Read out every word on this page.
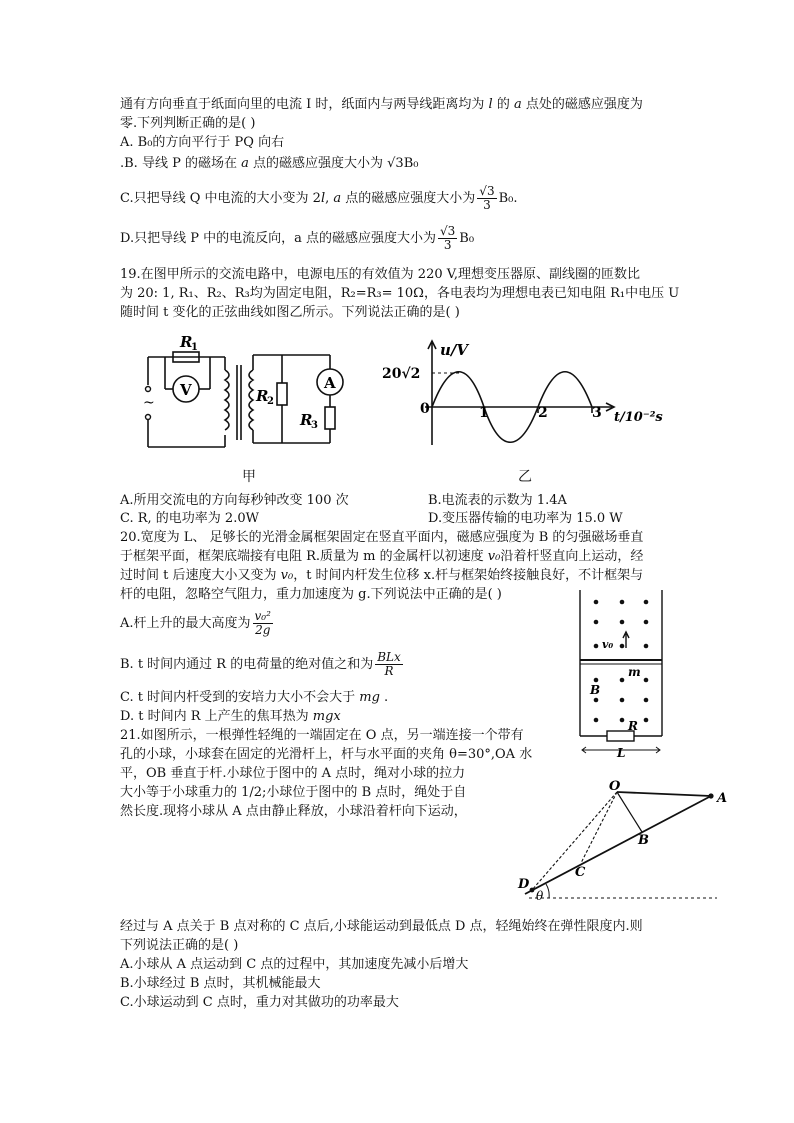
通有方向垂直于纸面向里的电流 I 时，纸面内与两导线距离均为 l 的 a 点处的磁感应强度为
零.下列判断正确的是( )
A. B₀的方向平行于 PQ 向右
.B. 导线 P 的磁场在 a 点的磁感应强度大小为 √3B₀
C.只把导线 Q 中电流的大小变为 2l, a 点的磁感应强度大小为 $\frac{√3}{3} B_0$.
D.只把导线 P 中的电流反向，a 点的磁感应强度大小为 $\frac{√3}{3} B_0$
19.在图甲所示的交流电路中，电源电压的有效值为 220 V,理想变压器原、副线圈的匝数比
为 20: 1, R₁、R₂、R₃均为固定电阻，R₂=R₃= 10Ω，各电表均为理想电表已知电阻 R₁中电压 U
随时间 t 变化的正弦曲线如图乙所示。下列说法正确的是( )
~
R
1
V	R
2
A
R
3
甲
u/V
20√2
0	1	2	3 t/10⁻²s
乙
A.所用交流电的方向每秒钟改变 100 次	B.电流表的示数为 1.4A
C. R, 的电功率为 2.0W	D.变压器传输的电功率为 15.0 W
20.宽度为 L、 足够长的光滑金属框架固定在竖直平面内，磁感应强度为 B 的匀强磁场垂直
于框架平面，框架底端接有电阻 R.质量为 m 的金属杆以初速度 v₀沿着杆竖直向上运动，经
过时间 t 后速度大小又变为 v₀，t 时间内杆发生位移 x.杆与框架始终接触良好，不计框架与
杆的电阻，忽略空气阻力，重力加速度为 g.下列说法中正确的是( )
A.杆上升的最大高度为 $\frac{\text{v₀²}}{2g}$
B. t 时间内通过 R 的电荷量的绝对值之和为 $\frac{\text{BLx}}{R}$
C. t 时间内杆受到的安培力大小不会大于 mg .
D. t 时间内 R 上产生的焦耳热为 mgx
v₀
m
B
R
L
21.如图所示，一根弹性轻绳的一端固定在 O 点，另一端连接一个带有
孔的小球，小球套在固定的光滑杆上，杆与水平面的夹角 θ=30°,OA 水
平，OB 垂直于杆.小球位于图中的 A 点时，绳对小球的拉力
大小等于小球重力的 1/2;小球位于图中的 B 点时，绳处于自
然长度.现将小球从 A 点由静止释放，小球沿着杆向下运动，
O
A
B
C
D
θ
经过与 A 点关于 B 点对称的 C 点后,小球能运动到最低点 D 点，轻绳始终在弹性限度内.则
下列说法正确的是( )
A.小球从 A 点运动到 C 点的过程中，其加速度先减小后增大
B.小球经过 B 点时，其机械能最大
C.小球运动到 C 点时，重力对其做功的功率最大
